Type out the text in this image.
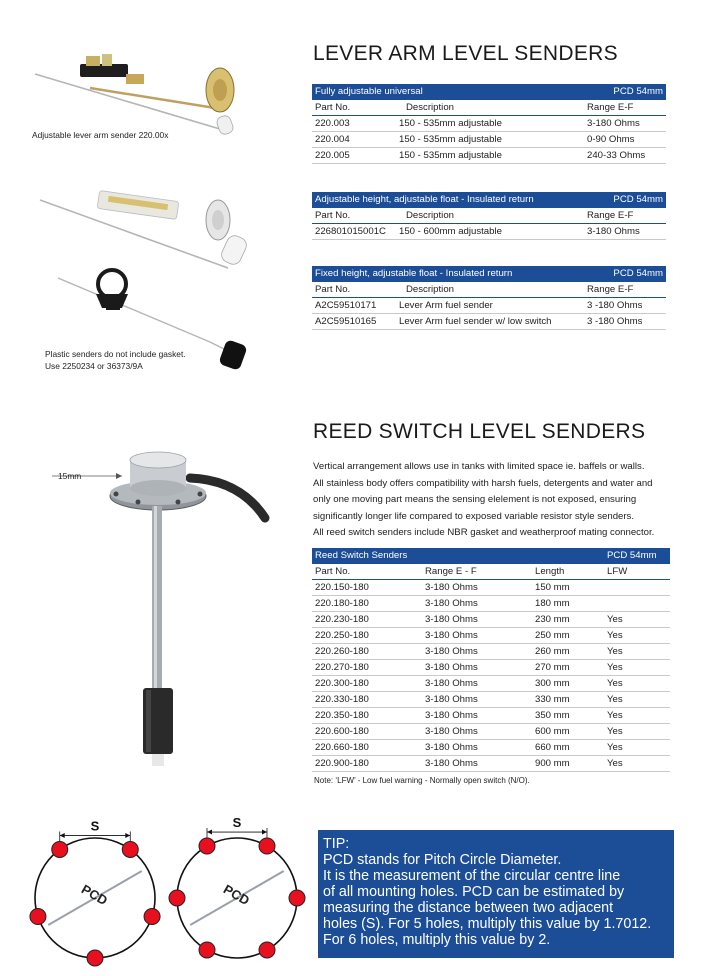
LEVER ARM LEVEL SENDERS
Adjustable lever arm sender 220.00x
Plastic senders do not include gasket.
Use 2250234 or 36373/9A
Fully adjustable universal		PCD 54mm
Part No.	Description	Range E-F
220.003	150 - 535mm adjustable	3-180 Ohms
220.004	150 - 535mm adjustable	0-90 Ohms
220.005	150 - 535mm adjustable	240-33 Ohms
Adjustable height, adjustable float - Insulated return		PCD 54mm
Part No.	Description	Range E-F
226801015001C	150 - 600mm adjustable	3-180 Ohms
Fixed height, adjustable float - Insulated return		PCD 54mm
Part No.	Description	Range E-F
A2C59510171	Lever Arm fuel sender	3 -180 Ohms
A2C59510165	Lever Arm fuel sender w/ low switch	3 -180 Ohms
REED SWITCH LEVEL SENDERS
15mm
Vertical arrangement allows use in tanks with limited space ie. baffels or walls.
All stainless body offers compatibility with harsh fuels, detergents and water and
only one moving part means the sensing elelement is not exposed, ensuring
significantly longer life compared to exposed variable resistor style senders.
All reed switch senders include NBR gasket and weatherproof mating connector.
Reed Switch Senders			PCD 54mm
Part No.	Range E - F	Length	LFW
220.150-180	3-180 Ohms	150 mm	
220.180-180	3-180 Ohms	180 mm	
220.230-180	3-180 Ohms	230 mm	Yes
220.250-180	3-180 Ohms	250 mm	Yes
220.260-180	3-180 Ohms	260 mm	Yes
220.270-180	3-180 Ohms	270 mm	Yes
220.300-180	3-180 Ohms	300 mm	Yes
220.330-180	3-180 Ohms	330 mm	Yes
220.350-180	3-180 Ohms	350 mm	Yes
220.600-180	3-180 Ohms	600 mm	Yes
220.660-180	3-180 Ohms	660 mm	Yes
220.900-180	3-180 Ohms	900 mm	Yes
Note: ‘LFW’ - Low fuel warning - Normally open switch (N/O).
S
PCD
S
PCD
TIP:
PCD stands for Pitch Circle Diameter.
It is the measurement of the circular centre line
of all mounting holes. PCD can be estimated by
measuring the distance between two adjacent
holes (S). For 5 holes, multiply this value by 1.7012.
For 6 holes, multiply this value by 2.
